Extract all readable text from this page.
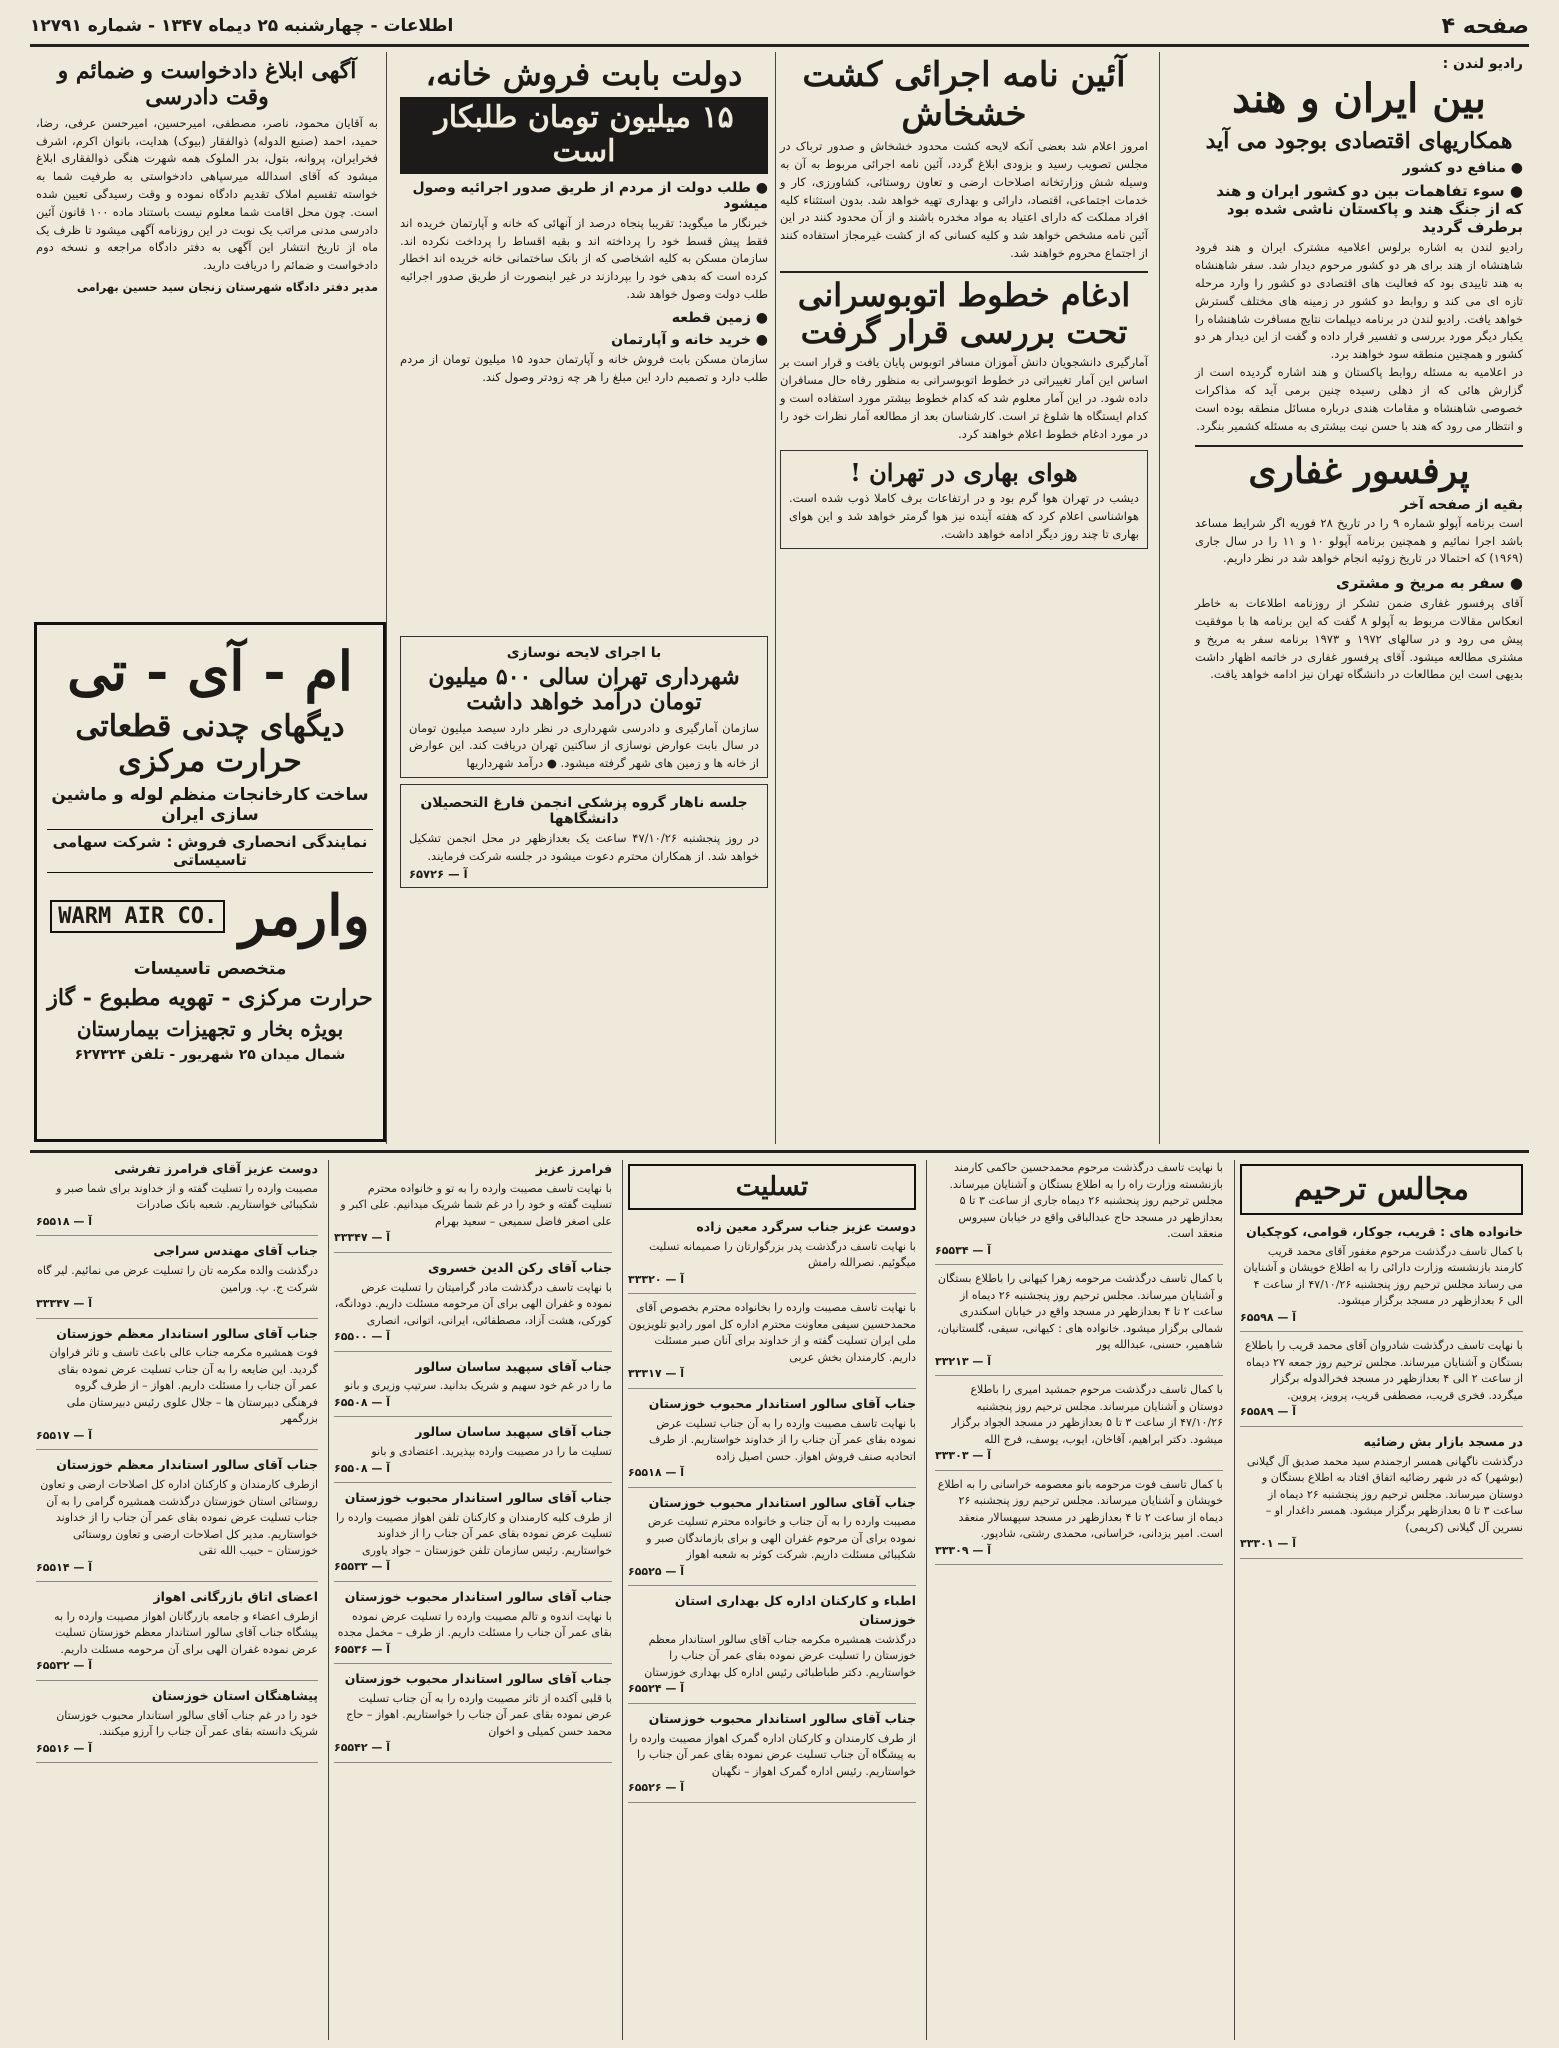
صفحه ۴
اطلاعات - چهارشنبه ۲۵ دیماه ۱۳۴۷ - شماره ۱۲۷۹۱
رادیو لندن :
بین ایران و هند
همکاریهای اقتصادی بوجود می آید
● منافع دو کشور
● سوء تفاهمات بین دو کشور ایران و هند که از جنگ هند و پاکستان ناشی شده بود برطرف گردید

رادیو لندن به اشاره برلوس اعلامیه مشترک ایران و هند فرود شاهنشاه از هند برای هر دو کشور مرحوم دیدار شد. سفر شاهنشاه به هند تاییدی بود که فعالیت های اقتصادی دو کشور را وارد مرحله تازه ای می کند و روابط دو کشور در زمینه های مختلف گسترش خواهد یافت. رادیو لندن در برنامه دیپلمات نتایج مسافرت شاهنشاه را یکبار دیگر مورد بررسی و تفسیر قرار داده و گفت از این دیدار هر دو کشور و همچنین منطقه سود خواهند برد.

در اعلامیه به مسئله روابط پاکستان و هند اشاره گردیده است از گزارش هائی که از دهلی رسیده چنین برمی آید که مذاکرات خصوصی شاهنشاه و مقامات هندی درباره مسائل منطقه بوده است و انتظار می رود که هند با حسن نیت بیشتری به مسئله کشمیر بنگرد.

پرفسور غفاری
بقیه از صفحه آخر

است برنامه آپولو شماره ۹ را در تاریخ ۲۸ فوریه اگر شرایط مساعد باشد اجرا نمائیم و همچنین برنامه آپولو ۱۰ و ۱۱ را در سال جاری (۱۹۶۹) که احتمالا در تاریخ زوئیه انجام خواهد شد در نظر داریم.

● سفر به مریخ و مشتری

آقای پرفسور غفاری ضمن تشکر از روزنامه اطلاعات به خاطر انعکاس مقالات مربوط به آپولو ۸ گفت که این برنامه ها با موفقیت پیش می رود و در سالهای ۱۹۷۲ و ۱۹۷۳ برنامه سفر به مریخ و مشتری مطالعه میشود. آقای پرفسور غفاری در خاتمه اظهار داشت بدیهی است این مطالعات در دانشگاه تهران نیز ادامه خواهد یافت.

آئین نامه اجرائی کشت خشخاش

امروز اعلام شد بعضی آنکه لایحه کشت محدود خشخاش و صدور ترباک در مجلس تصویب رسید و بزودی ابلاغ گردد، آئین نامه اجرائی مربوط به آن به وسیله شش وزارتخانه اصلاحات ارضی و تعاون روستائی، کشاورزی، کار و خدمات اجتماعی، اقتصاد، دارائی و بهداری تهیه خواهد شد. بدون استثناء کلیه افراد مملکت که دارای اعتیاد به مواد مخدره باشند و از آن محدود کنند در این آئین نامه مشخص خواهد شد و کلیه کسانی که از کشت غیرمجاز استفاده کنند از اجتماع محروم خواهند شد.

ادغام خطوط اتوبوسرانی تحت بررسی قرار گرفت

آمارگیری دانشجویان دانش آموزان مسافر اتوبوس پایان یافت و قرار است بر اساس این آمار تغییراتی در خطوط اتوبوسرانی به منظور رفاه حال مسافران داده شود. در این آمار معلوم شد که کدام خطوط بیشتر مورد استفاده است و کدام ایستگاه ها شلوغ تر است. کارشناسان بعد از مطالعه آمار نظرات خود را در مورد ادغام خطوط اعلام خواهند کرد.

هوای بهاری در تهران !

دیشب در تهران هوا گرم بود و در ارتفاعات برف کاملا ذوب شده است. هواشناسی اعلام کرد که هفته آینده نیز هوا گرمتر خواهد شد و این هوای بهاری تا چند روز دیگر ادامه خواهد داشت.

دولت بابت فروش خانه،
۱۵ میلیون تومان طلبکار است
● طلب دولت از مردم از طریق صدور اجرائیه وصول میشود

خبرنگار ما میگوید: تقریبا پنجاه درصد از آنهائی که خانه و آپارتمان خریده اند فقط پیش قسط خود را پرداخته اند و بقیه اقساط را پرداخت نکرده اند. سازمان مسکن به کلیه اشخاصی که از بانک ساختمانی خانه خریده اند اخطار کرده است که بدهی خود را بپردازند در غیر اینصورت از طریق صدور اجرائیه طلب دولت وصول خواهد شد.

● زمین قطعه
● خرید خانه و آپارتمان

سازمان مسکن بابت فروش خانه و آپارتمان حدود ۱۵ میلیون تومان از مردم طلب دارد و تصمیم دارد این مبلغ را هر چه زودتر وصول کند.

آگهی ابلاغ دادخواست و ضمائم و وقت دادرسی

به آقایان محمود، ناصر، مصطفی، امیرحسین، امیرحسن عرفی، رضا، حمید، احمد (صنیع الدوله) ذوالفقار (بیوک) هدایت، بانوان اکرم، اشرف فخرایران، پروانه، بتول، بدر الملوک همه شهرت هنگی ذوالفقاری ابلاغ میشود که آقای اسدالله میرسپاهی دادخواستی به طرفیت شما به خواسته تقسیم املاک تقدیم دادگاه نموده و وقت رسیدگی تعیین شده است. چون محل اقامت شما معلوم نیست باستناد ماده ۱۰۰ قانون آئین دادرسی مدنی مراتب یک نوبت در این روزنامه آگهی میشود تا ظرف یک ماه از تاریخ انتشار این آگهی به دفتر دادگاه مراجعه و نسخه دوم دادخواست و ضمائم را دریافت دارید.

مدیر دفتر دادگاه شهرستان زنجان سید حسین بهرامی

با اجرای لایحه نوسازی
شهرداری تهران سالی ۵۰۰ میلیون تومان درآمد خواهد داشت

سازمان آمارگیری و دادرسی شهرداری در نظر دارد سیصد میلیون تومان در سال بابت عوارض نوسازی از ساکنین تهران دریافت کند. این عوارض از خانه ها و زمین های شهر گرفته میشود. ● درآمد شهرداریها

جلسه ناهار گروه پزشکی انجمن فارغ التحصیلان دانشگاهها

در روز پنجشنبه ۴۷/۱۰/۲۶ ساعت یک بعدازظهر در محل انجمن تشکیل خواهد شد. از همکاران محترم دعوت میشود در جلسه شرکت فرمایند.

آ — ۶۵۷۲۶
ام - آی - تی
دیگهای چدنی قطعاتی حرارت مرکزی
ساخت کارخانجات منظم لوله و ماشین سازی ایران
نمایندگی انحصاری فروش : شرکت سهامی تاسیساتی
WARM AIR CO. وارمر
متخصص تاسیسات
حرارت مرکزی - تهویه مطبوع - گاز
بویژه بخار و تجهیزات بیمارستان
شمال میدان ۲۵ شهریور - تلفن ۶۲۷۳۲۴
مجالس ترحیم
خانواده های : قریب، جوکار، قوامی، کوچکیان
با کمال تاسف درگذشت مرحوم مغفور آقای محمد قریب کارمند بازنشسته وزارت دارائی را به اطلاع خویشان و آشنایان می رساند مجلس ترحیم روز پنجشنبه ۴۷/۱۰/۲۶ از ساعت ۴ الی ۶ بعدازظهر در مسجد برگزار میشود.
آ — ۶۵۵۹۸
با نهایت تاسف درگذشت شادروان آقای محمد قریب را باطلاع بستگان و آشنایان میرساند. مجلس ترحیم روز جمعه ۲۷ دیماه از ساعت ۲ الی ۴ بعدازظهر در مسجد فخرالدوله برگزار میگردد. فخری قریب، مصطفی قریب، پرویز، پروین.
آ — ۶۵۵۸۹
در مسجد بازار بش رضائیه
درگذشت ناگهانی همسر ارجمندم سید محمد صدیق آل گیلانی (بوشهر) که در شهر رضائیه اتفاق افتاد به اطلاع بستگان و دوستان میرساند. مجلس ترحیم روز پنجشنبه ۲۶ دیماه از ساعت ۳ تا ۵ بعدازظهر برگزار میشود. همسر داغدار او – نسرین آل گیلانی (کریمی)
آ — ۳۳۳۰۱
با نهایت تاسف درگذشت مرحوم محمدحسین حاکمی کارمند بازنشسته وزارت راه را به اطلاع بستگان و آشنایان میرساند. مجلس ترحیم روز پنجشنبه ۲۶ دیماه جاری از ساعت ۳ تا ۵ بعدازظهر در مسجد حاج عبدالباقی واقع در خیابان سیروس منعقد است.
آ — ۶۵۵۳۴
با کمال تاسف درگذشت مرحومه زهرا کیهانی را باطلاع بستگان و آشنایان میرساند. مجلس ترحیم روز پنجشنبه ۲۶ دیماه از ساعت ۲ تا ۴ بعدازظهر در مسجد واقع در خیابان اسکندری شمالی برگزار میشود. خانواده های : کیهانی، سیفی، گلستانیان، شاهمیر، حسنی، عبدالله پور
آ — ۳۳۲۱۳
با کمال تاسف درگذشت مرحوم جمشید امیری را باطلاع دوستان و آشنایان میرساند. مجلس ترحیم روز پنجشنبه ۴۷/۱۰/۲۶ از ساعت ۳ تا ۵ بعدازظهر در مسجد الجواد برگزار میشود. دکتر ابراهیم، آقاخان، ایوب، یوسف، فرج الله
آ — ۳۳۳۰۳
با کمال تاسف فوت مرحومه بانو معصومه خراسانی را به اطلاع خویشان و آشنایان میرساند. مجلس ترحیم روز پنجشنبه ۲۶ دیماه از ساعت ۲ تا ۴ بعدازظهر در مسجد سپهسالار منعقد است. امیر یزدانی، خراسانی، محمدی رشتی، شادپور.
آ — ۳۳۳۰۹
تسلیت
دوست عزیز جناب سرگرد معین زاده
با نهایت تاسف درگذشت پدر بزرگوارتان را صمیمانه تسلیت میگوئیم. نصرالله رامش
آ — ۳۳۳۲۰
با نهایت تاسف مصیبت وارده را بخانواده محترم بخصوص آقای محمدحسین سیفی معاونت محترم اداره کل امور رادیو تلویزیون ملی ایران تسلیت گفته و از خداوند برای آنان صبر مسئلت داریم. کارمندان بخش عربی
آ — ۳۳۳۱۷
جناب آقای سالور استاندار محبوب خوزستان
با نهایت تاسف مصیبت وارده را به آن جناب تسلیت عرض نموده بقای عمر آن جناب را از خداوند خواستاریم. از طرف اتحادیه صنف فروش اهواز. حسن اصیل زاده
آ — ۶۵۵۱۸
جناب آقای سالور استاندار محبوب خوزستان
مصیبت وارده را به آن جناب و خانواده محترم تسلیت عرض نموده برای آن مرحوم غفران الهی و برای بازماندگان صبر و شکیبائی مسئلت داریم. شرکت کوثر به شعبه اهواز
آ — ۶۵۵۲۵
اطباء و کارکنان اداره کل بهداری استان خوزستان
درگذشت همشیره مکرمه جناب آقای سالور استاندار معظم خوزستان را تسلیت عرض نموده بقای عمر آن جناب را خواستاریم. دکتر طباطبائی رئیس اداره کل بهداری خوزستان
آ — ۶۵۵۲۴
جناب آقای سالور استاندار محبوب خوزستان
از طرف کارمندان و کارکنان اداره گمرک اهواز مصیبت وارده را به پیشگاه آن جناب تسلیت عرض نموده بقای عمر آن جناب را خواستاریم. رئیس اداره گمرک اهواز – نگهبان
آ — ۶۵۵۲۶
فرامرز عزیز
با نهایت تاسف مصیبت وارده را به تو و خانواده محترم تسلیت گفته و خود را در غم شما شریک میدانیم. علی اکبر و علی اصغر فاضل سمیعی – سعید بهرام
آ — ۳۳۳۴۷
جناب آقای رکن الدین خسروی
با نهایت تاسف درگذشت مادر گرامیتان را تسلیت عرض نموده و غفران الهی برای آن مرحومه مسئلت داریم. دودانگه، کورکی، هشت آزاد، مصطفائی، ایرانی، اتوانی، انصاری
آ — ۶۵۵۰۰
جناب آقای سپهبد ساسان سالور
ما را در غم خود سهیم و شریک بدانید. سرتیپ وزیری و بانو
آ — ۶۵۵۰۸
جناب آقای سپهبد ساسان سالور
تسلیت ما را در مصیبت وارده بپذیرید. اعتضادی و بانو
آ — ۶۵۵۰۸
جناب آقای سالور استاندار محبوب خوزستان
از طرف کلیه کارمندان و کارکنان تلفن اهواز مصیبت وارده را تسلیت عرض نموده بقای عمر آن جناب را از خداوند خواستاریم. رئیس سازمان تلفن خوزستان – جواد یاوری
آ — ۶۵۵۳۳
جناب آقای سالور استاندار محبوب خوزستان
با نهایت اندوه و تالم مصیبت وارده را تسلیت عرض نموده بقای عمر آن جناب را مسئلت داریم. از طرف – مخمل مجده
آ — ۶۵۵۳۶
جناب آقای سالور استاندار محبوب خوزستان
با قلبی آکنده از تاثر مصیبت وارده را به آن جناب تسلیت عرض نموده بقای عمر آن جناب را خواستاریم. اهواز – حاج محمد حسن کمیلی و اخوان
آ — ۶۵۵۴۲
دوست عزیز آقای فرامرز تفرشی
مصیبت وارده را تسلیت گفته و از خداوند برای شما صبر و شکیبائی خواستاریم. شعبه بانک صادرات
آ — ۶۵۵۱۸
جناب آقای مهندس سراجی
درگذشت والده مکرمه تان را تسلیت عرض می نمائیم. لیر گاه شرکت ج. پ. ورامین
آ — ۳۳۳۴۷
جناب آقای سالور استاندار معظم خوزستان
فوت همشیره مکرمه جناب عالی باعث تاسف و تاثر فراوان گردید. این ضایعه را به آن جناب تسلیت عرض نموده بقای عمر آن جناب را مسئلت داریم. اهواز – از طرف گروه فرهنگی دبیرستان ها – جلال علوی رئیس دبیرستان ملی بزرگمهر
آ — ۶۵۵۱۷
جناب آقای سالور استاندار معظم خوزستان
ازطرف کارمندان و کارکنان اداره کل اصلاحات ارضی و تعاون روستائی استان خوزستان درگذشت همشیره گرامی را به آن جناب تسلیت عرض نموده بقای عمر آن جناب را از خداوند خواستاریم. مدیر کل اصلاحات ارضی و تعاون روستائی خوزستان – حبیب الله تقی
آ — ۶۵۵۱۴
اعضای اتاق بازرگانی اهواز
ازطرف اعضاء و جامعه بازرگانان اهواز مصیبت وارده را به پیشگاه جناب آقای سالور استاندار معظم خوزستان تسلیت عرض نموده غفران الهی برای آن مرحومه مسئلت داریم.
آ — ۶۵۵۳۲
پیشاهنگان استان خوزستان
خود را در غم جناب آقای سالور استاندار محبوب خوزستان شریک دانسته بقای عمر آن جناب را آرزو میکنند.
آ — ۶۵۵۱۶
